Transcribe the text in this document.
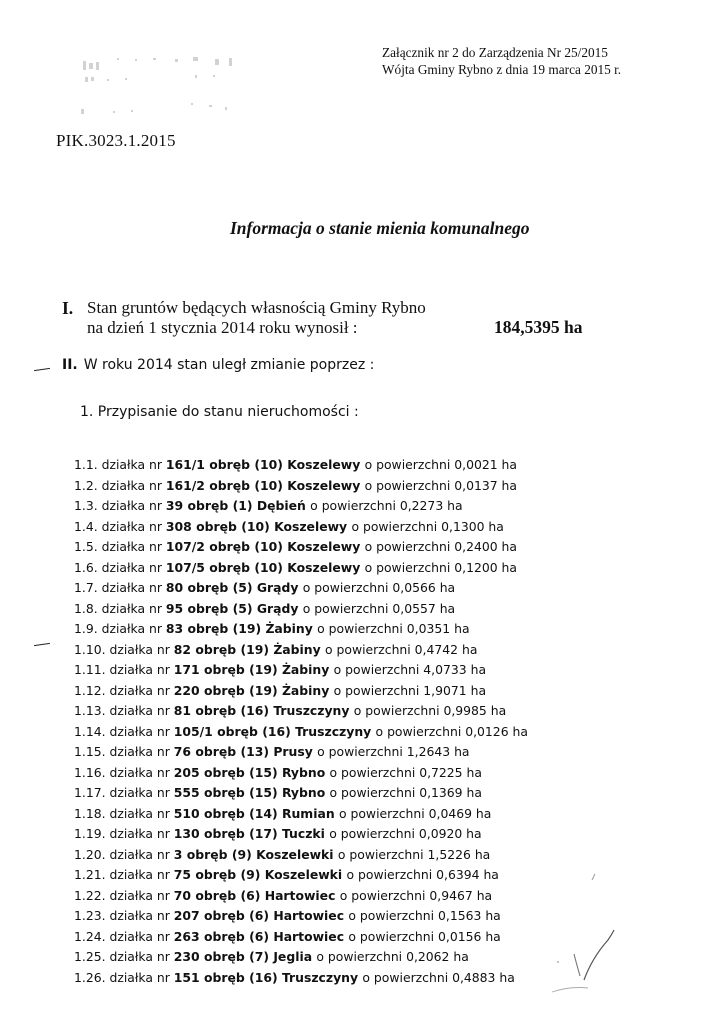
Załącznik nr 2 do Zarządzenia Nr 25/2015
Wójta Gminy Rybno z dnia 19 marca 2015 r.
PIK.3023.1.2015
Informacja o stanie mienia komunalnego
I. Stan gruntów będących własnością Gminy Rybno
na dzień 1 stycznia 2014 roku wynosił :	184,5395 ha
II. W roku 2014 stan uległ zmianie poprzez :
1. Przypisanie do stanu nieruchomości :
1.1. działka nr 161/1 obręb (10) Koszelewy o powierzchni 0,0021 ha
1.2. działka nr 161/2 obręb (10) Koszelewy o powierzchni 0,0137 ha
1.3. działka nr 39 obręb (1) Dębień o powierzchni 0,2273 ha
1.4. działka nr 308 obręb (10) Koszelewy o powierzchni 0,1300 ha
1.5. działka nr 107/2 obręb (10) Koszelewy o powierzchni 0,2400 ha
1.6. działka nr 107/5 obręb (10) Koszelewy o powierzchni 0,1200 ha
1.7. działka nr 80 obręb (5) Grądy o powierzchni 0,0566 ha
1.8. działka nr 95 obręb (5) Grądy o powierzchni 0,0557 ha
1.9. działka nr 83 obręb (19) Żabiny o powierzchni 0,0351 ha
1.10. działka nr 82 obręb (19) Żabiny o powierzchni 0,4742 ha
1.11. działka nr 171 obręb (19) Żabiny o powierzchni 4,0733 ha
1.12. działka nr 220 obręb (19) Żabiny o powierzchni 1,9071 ha
1.13. działka nr 81 obręb (16) Truszczyny o powierzchni 0,9985 ha
1.14. działka nr 105/1 obręb (16) Truszczyny o powierzchni 0,0126 ha
1.15. działka nr 76 obręb (13) Prusy o powierzchni 1,2643 ha
1.16. działka nr 205 obręb (15) Rybno o powierzchni 0,7225 ha
1.17. działka nr 555 obręb (15) Rybno o powierzchni 0,1369 ha
1.18. działka nr 510 obręb (14) Rumian o powierzchni 0,0469 ha
1.19. działka nr 130 obręb (17) Tuczki o powierzchni 0,0920 ha
1.20. działka nr 3 obręb (9) Koszelewki o powierzchni 1,5226 ha
1.21. działka nr 75 obręb (9) Koszelewki o powierzchni 0,6394 ha
1.22. działka nr 70 obręb (6) Hartowiec o powierzchni 0,9467 ha
1.23. działka nr 207 obręb (6) Hartowiec o powierzchni 0,1563 ha
1.24. działka nr 263 obręb (6) Hartowiec o powierzchni 0,0156 ha
1.25. działka nr 230 obręb (7) Jeglia o powierzchni 0,2062 ha
1.26. działka nr 151 obręb (16) Truszczyny o powierzchni 0,4883 ha
